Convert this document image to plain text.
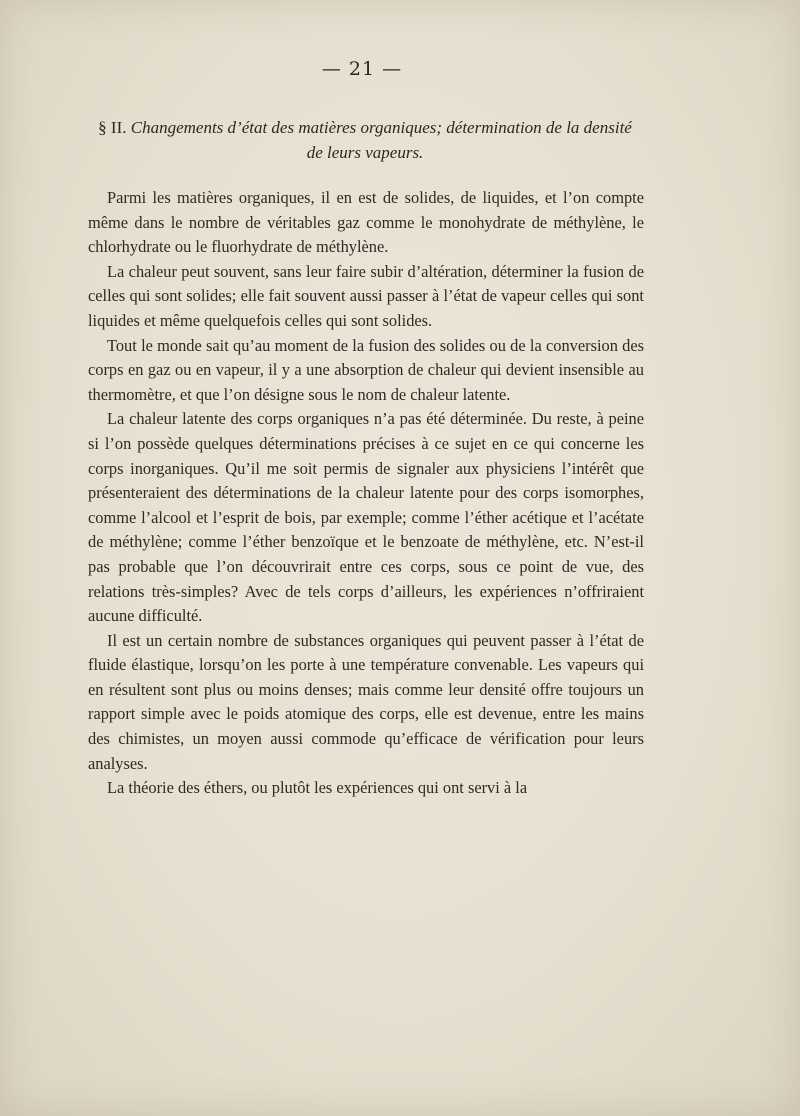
— 21 —
§ II. Changements d’état des matières organiques; détermination de la densité de leurs vapeurs.

Parmi les matières organiques, il en est de solides, de liquides, et l’on compte même dans le nombre de véritables gaz comme le monohydrate de méthylène, le chlorhydrate ou le fluorhydrate de méthylène.

La chaleur peut souvent, sans leur faire subir d’altération, déterminer la fusion de celles qui sont solides; elle fait souvent aussi passer à l’état de vapeur celles qui sont liquides et même quelquefois celles qui sont solides.

Tout le monde sait qu’au moment de la fusion des solides ou de la conversion des corps en gaz ou en vapeur, il y a une absorption de chaleur qui devient insensible au thermomètre, et que l’on désigne sous le nom de chaleur latente.

La chaleur latente des corps organiques n’a pas été déterminée. Du reste, à peine si l’on possède quelques déterminations précises à ce sujet en ce qui concerne les corps inorganiques. Qu’il me soit permis de signaler aux physiciens l’intérêt que présenteraient des déterminations de la chaleur latente pour des corps isomorphes, comme l’alcool et l’esprit de bois, par exemple; comme l’éther acétique et l’acétate de méthylène; comme l’éther benzoïque et le benzoate de méthylène, etc. N’est-il pas probable que l’on découvrirait entre ces corps, sous ce point de vue, des relations très-simples? Avec de tels corps d’ailleurs, les expériences n’offriraient aucune difficulté.

Il est un certain nombre de substances organiques qui peuvent passer à l’état de fluide élastique, lorsqu’on les porte à une température convenable. Les vapeurs qui en résultent sont plus ou moins denses; mais comme leur densité offre toujours un rapport simple avec le poids atomique des corps, elle est devenue, entre les mains des chimistes, un moyen aussi commode qu’efficace de vérification pour leurs analyses.

La théorie des éthers, ou plutôt les expériences qui ont servi à la
